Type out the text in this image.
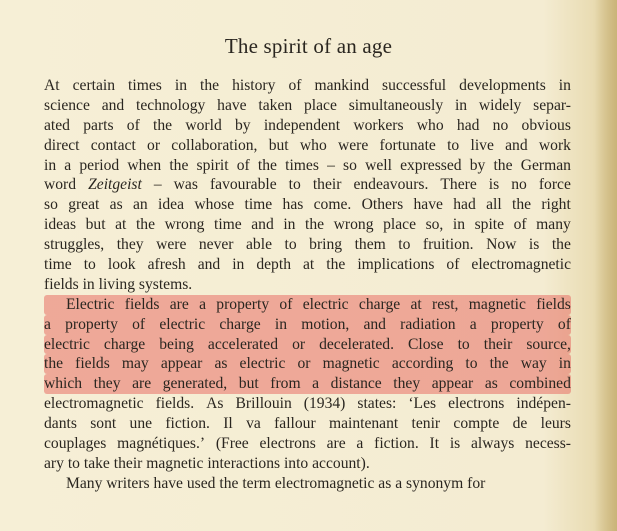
The spirit of an age
At certain times in the history of mankind successful developments in
science and technology have taken place simultaneously in widely separ-
ated parts of the world by independent workers who had no obvious
direct contact or collaboration, but who were fortunate to live and work
in a period when the spirit of the times – so well expressed by the German
word Zeitgeist – was favourable to their endeavours. There is no force
so great as an idea whose time has come. Others have had all the right
ideas but at the wrong time and in the wrong place so, in spite of many
struggles, they were never able to bring them to fruition. Now is the
time to look afresh and in depth at the implications of electromagnetic
fields in living systems.
Electric fields are a property of electric charge at rest, magnetic fields
a property of electric charge in motion, and radiation a property of
electric charge being accelerated or decelerated. Close to their source,
the fields may appear as electric or magnetic according to the way in
which they are generated, but from a distance they appear as combined
electromagnetic fields. As Brillouin (1934) states: ‘Les electrons indépen-
dants sont une fiction. Il va fallour maintenant tenir compte de leurs
couplages magnétiques.’ (Free electrons are a fiction. It is always necess-
ary to take their magnetic interactions into account).
Many writers have used the term electromagnetic as a synonym for
